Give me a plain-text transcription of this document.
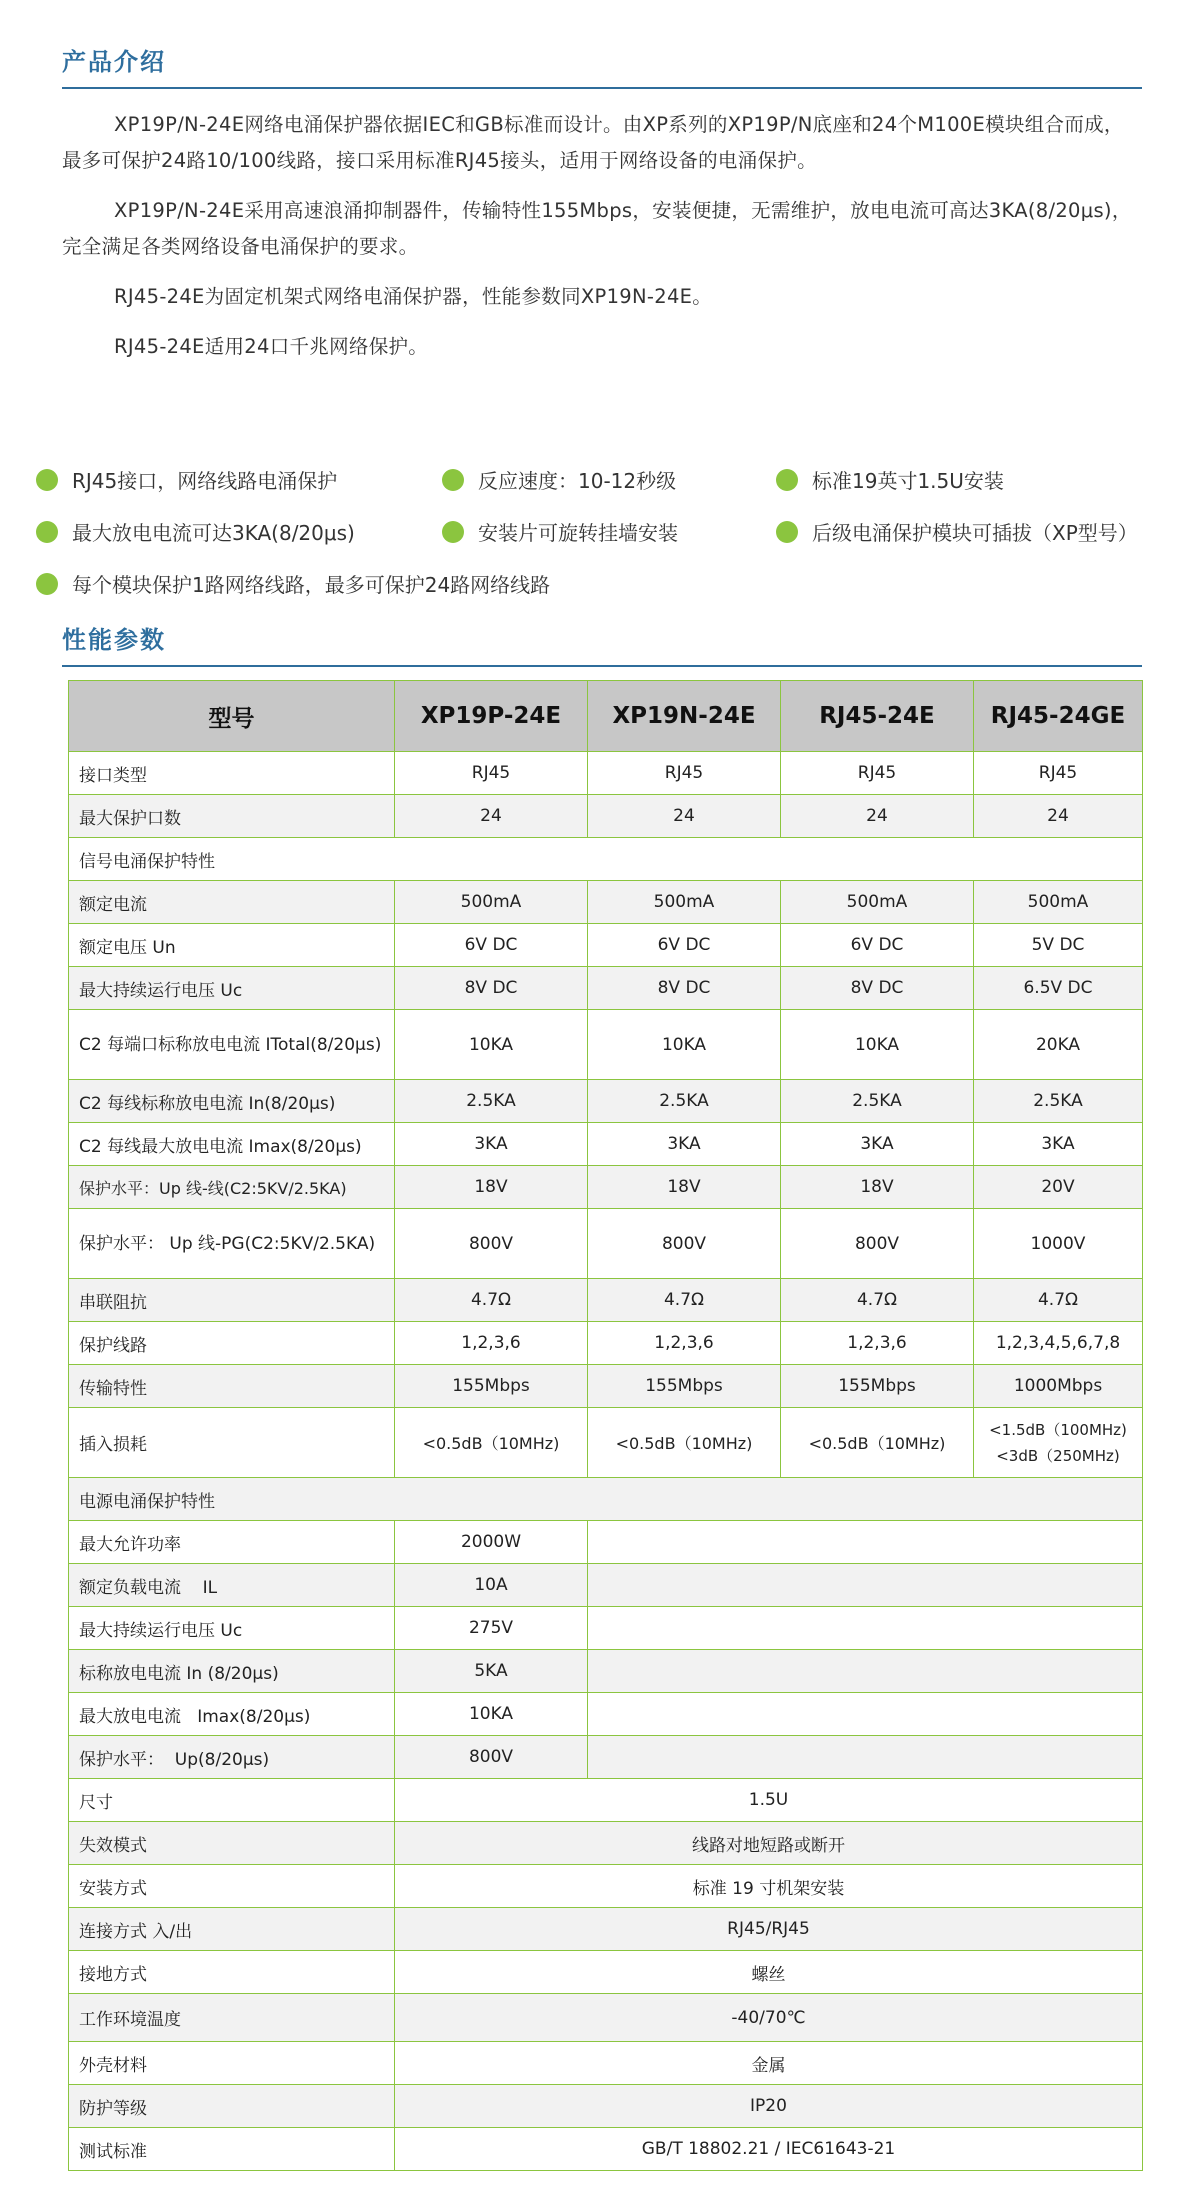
产品介绍

XP19P/N-24E网络电涌保护器依据IEC和GB标准而设计。由XP系列的XP19P/N底座和24个M100E模块组合而成，最多可保护24路10/100线路，接口采用标准RJ45接头，适用于网络设备的电涌保护。

XP19P/N-24E采用高速浪涌抑制器件，传输特性155Mbps，安装便捷，无需维护，放电电流可高达3KA(8/20μs)，完全满足各类网络设备电涌保护的要求。

RJ45-24E为固定机架式网络电涌保护器，性能参数同XP19N-24E。

RJ45-24E适用24口千兆网络保护。

RJ45接口，网络线路电涌保护	反应速度：10-12秒级	标准19英寸1.5U安装
最大放电电流可达3KA(8/20μs)	安装片可旋转挂墙安装	后级电涌保护模块可插拔（XP型号）
每个模块保护1路网络线路，最多可保护24路网络线路
性能参数
型号	XP19P-24E	XP19N-24E	RJ45-24E	RJ45-24GE
接口类型	RJ45	RJ45	RJ45	RJ45
最大保护口数	24	24	24	24
信号电涌保护特性				
额定电流	500mA	500mA	500mA	500mA
额定电压 Un	6V DC	6V DC	6V DC	5V DC
最大持续运行电压 Uc	8V DC	8V DC	8V DC	6.5V DC
C2 每端口标称放电电流 ITotal(8/20μs)	10KA	10KA	10KA	20KA
C2 每线标称放电电流 In(8/20μs)	2.5KA	2.5KA	2.5KA	2.5KA
C2 每线最大放电电流 Imax(8/20μs)	3KA	3KA	3KA	3KA
保护水平：Up 线-线(C2:5KV/2.5KA)	18V	18V	18V	20V
保护水平： Up 线-PG(C2:5KV/2.5KA)	800V	800V	800V	1000V
串联阻抗	4.7Ω	4.7Ω	4.7Ω	4.7Ω
保护线路	1,2,3,6	1,2,3,6	1,2,3,6	1,2,3,4,5,6,7,8
传输特性	155Mbps	155Mbps	155Mbps	1000Mbps
插入损耗	<0.5dB（10MHz)	<0.5dB（10MHz)	<0.5dB（10MHz)	<1.5dB（100MHz)
<3dB（250MHz)

电源电涌保护特性				
最大允许功率	2000W			
额定负载电流    IL	10A			
最大持续运行电压 Uc	275V			
标称放电电流 In (8/20μs)	5KA			
最大放电电流   Imax(8/20μs)	10KA			
保护水平：  Up(8/20μs)	800V			
尺寸	1.5U			
失效模式	线路对地短路或断开			
安装方式	标准 19 寸机架安装			
连接方式 入/出	RJ45/RJ45			
接地方式	螺丝			
工作环境温度	-40/70℃			
外壳材料	金属			
防护等级	IP20			
测试标准	GB/T 18802.21 / IEC61643-21			
